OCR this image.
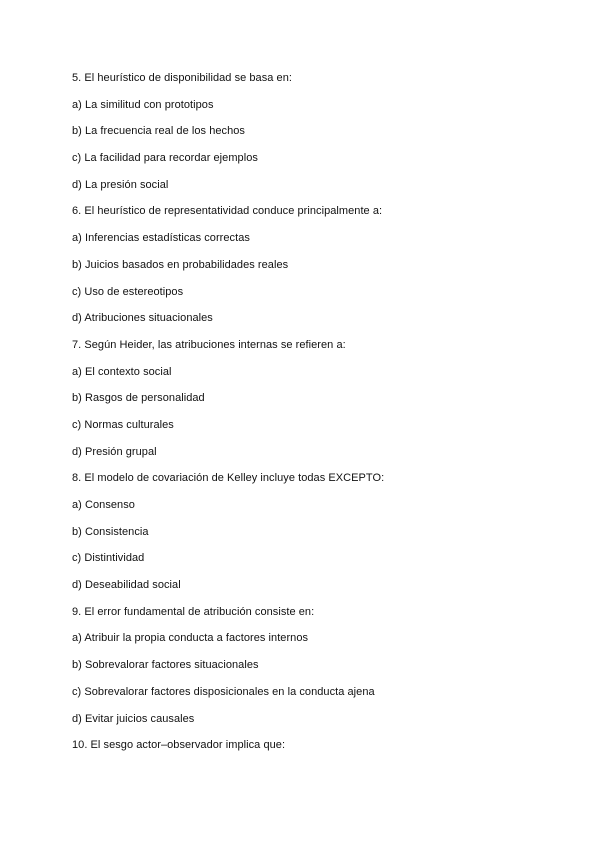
5. El heurístico de disponibilidad se basa en:
a) La similitud con prototipos
b) La frecuencia real de los hechos
c) La facilidad para recordar ejemplos
d) La presión social
6. El heurístico de representatividad conduce principalmente a:
a) Inferencias estadísticas correctas
b) Juicios basados en probabilidades reales
c) Uso de estereotipos
d) Atribuciones situacionales
7. Según Heider, las atribuciones internas se refieren a:
a) El contexto social
b) Rasgos de personalidad
c) Normas culturales
d) Presión grupal
8. El modelo de covariación de Kelley incluye todas EXCEPTO:
a) Consenso
b) Consistencia
c) Distintividad
d) Deseabilidad social
9. El error fundamental de atribución consiste en:
a) Atribuir la propia conducta a factores internos
b) Sobrevalorar factores situacionales
c) Sobrevalorar factores disposicionales en la conducta ajena
d) Evitar juicios causales
10. El sesgo actor–observador implica que:
